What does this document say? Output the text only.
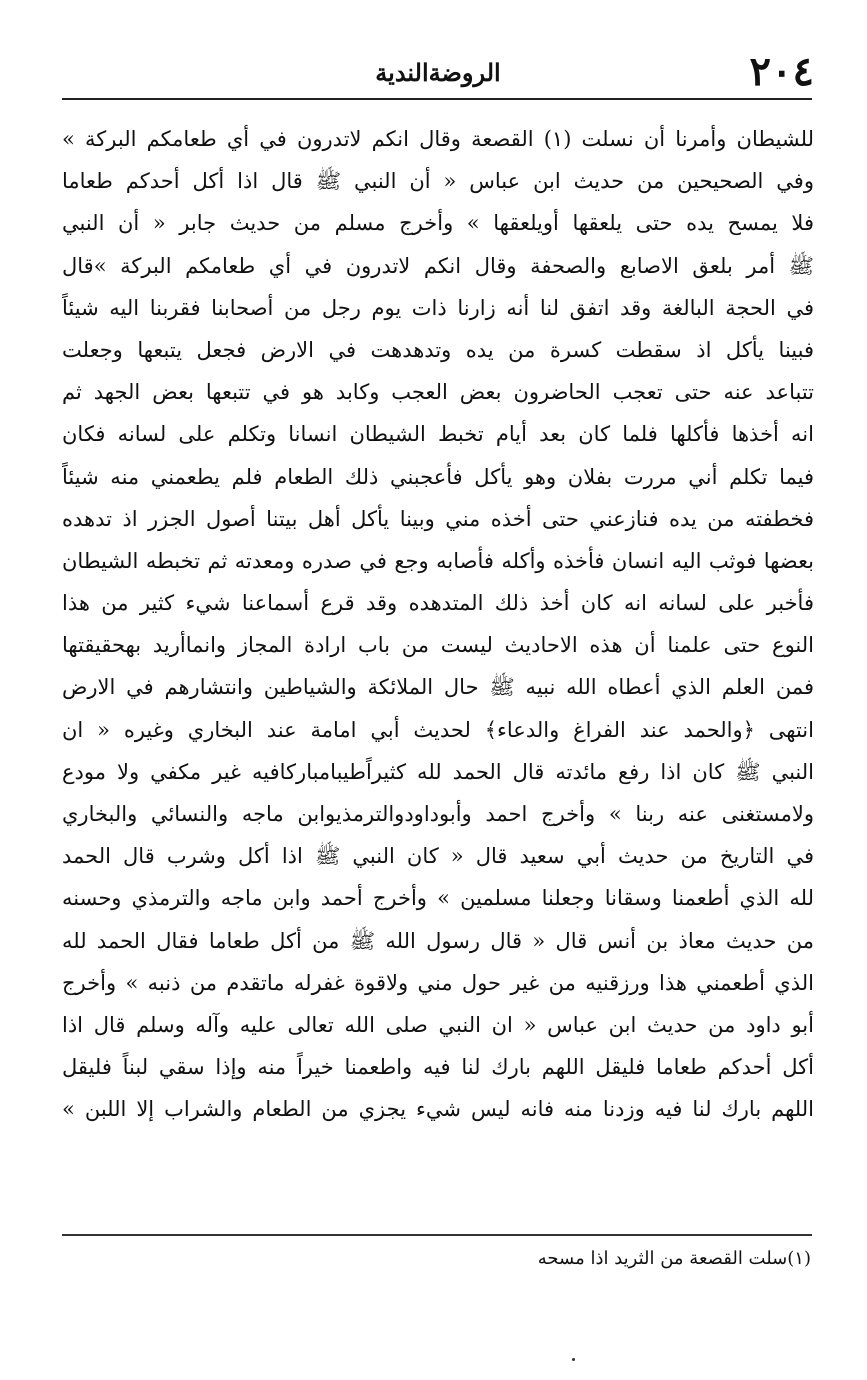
٢٠٤
الروضةالندية
للشيطان وأمرنا أن نسلت (١) القصعة وقال انكم لاتدرون في أي طعامكم البركة »
وفي الصحيحين من حديث ابن عباس « أن النبي ﷺ قال اذا أكل أحدكم طعاما
فلا يمسح يده حتى يلعقها أويلعقها » وأخرج مسلم من حديث جابر « أن النبي
ﷺ أمر بلعق الاصابع والصحفة وقال انكم لاتدرون في أي طعامكم البركة »قال
في الحجة البالغة وقد اتفق لنا أنه زارنا ذات يوم رجل من أصحابنا فقربنا اليه شيئاً
فبينا يأكل اذ سقطت كسرة من يده وتدهدهت في الارض فجعل يتبعها وجعلت
تتباعد عنه حتى تعجب الحاضرون بعض العجب وكابد هو في تتبعها بعض الجهد ثم
انه أخذها فأكلها فلما كان بعد أيام تخبط الشيطان انسانا وتكلم على لسانه فكان
فيما تكلم أني مررت بفلان وهو يأكل فأعجبني ذلك الطعام فلم يطعمني منه شيئاً
فخطفته من يده فنازعني حتى أخذه مني وبينا يأكل أهل بيتنا أصول الجزر اذ تدهده
بعضها فوثب اليه انسان فأخذه وأكله فأصابه وجع في صدره ومعدته ثم تخبطه الشيطان
فأخبر على لسانه انه كان أخذ ذلك المتدهده وقد قرع أسماعنا شيء كثير من هذا
النوع حتى علمنا أن هذه الاحاديث ليست من باب ارادة المجاز وانماأريد بهحقيقتها
فمن العلم الذي أعطاه الله نبيه ﷺ حال الملائكة والشياطين وانتشارهم في الارض
انتهى ﴿والحمد عند الفراغ والدعاء﴾ لحديث أبي امامة عند البخاري وغيره « ان
النبي ﷺ كان اذا رفع مائدته قال الحمد لله كثيراًطيبامباركافيه غير مكفي ولا مودع
ولامستغنى عنه ربنا » وأخرج احمد وأبوداودوالترمذيوابن ماجه والنسائي والبخاري
في التاريخ من حديث أبي سعيد قال « كان النبي ﷺ اذا أكل وشرب قال الحمد
لله الذي أطعمنا وسقانا وجعلنا مسلمين » وأخرج أحمد وابن ماجه والترمذي وحسنه
من حديث معاذ بن أنس قال « قال رسول الله ﷺ من أكل طعاما فقال الحمد لله
الذي أطعمني هذا ورزقنيه من غير حول مني ولاقوة غفرله ماتقدم من ذنبه » وأخرج
أبو داود من حديث ابن عباس « ان النبي صلى الله تعالى عليه وآله وسلم قال اذا
أكل أحدكم طعاما فليقل اللهم بارك لنا فيه واطعمنا خيراً منه وإذا سقي لبناً فليقل
اللهم بارك لنا فيه وزدنا منه فانه ليس شيء يجزي من الطعام والشراب إلا اللبن »
(١)سلت القصعة من الثريد اذا مسحه
